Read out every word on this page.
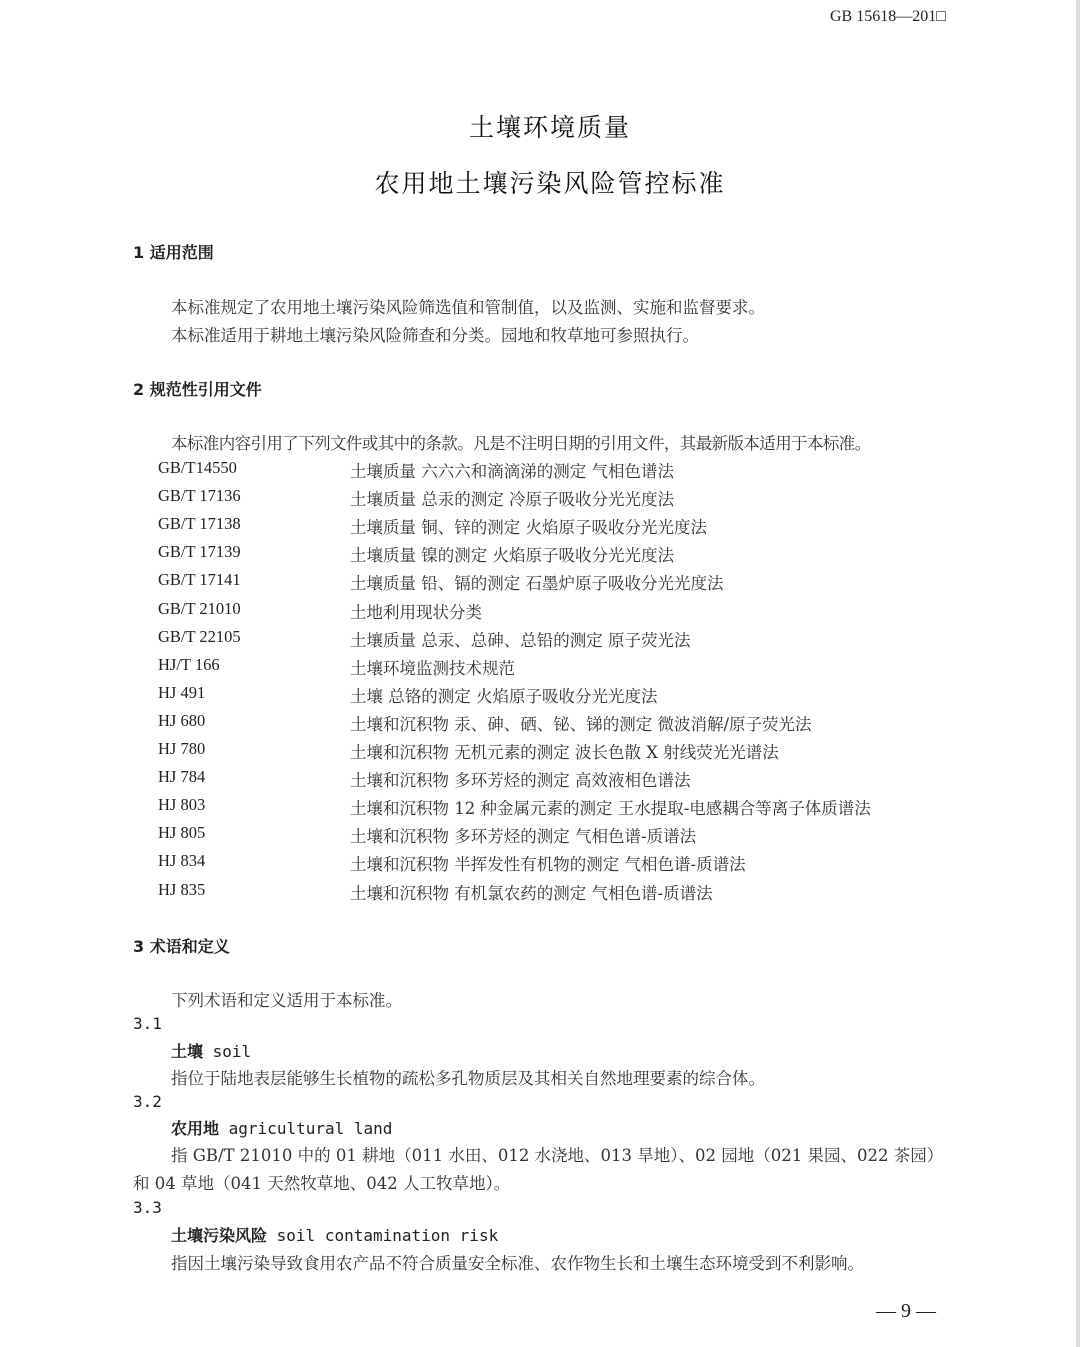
GB 15618—201□
土壤环境质量
农用地土壤污染风险管控标准
1 适用范围
本标准规定了农用地土壤污染风险筛选值和管制值，以及监测、实施和监督要求。
本标准适用于耕地土壤污染风险筛查和分类。园地和牧草地可参照执行。
2 规范性引用文件
本标准内容引用了下列文件或其中的条款。凡是不注明日期的引用文件，其最新版本适用于本标准。
GB/T14550	土壤质量 六六六和滴滴涕的测定 气相色谱法
GB/T 17136	土壤质量 总汞的测定 冷原子吸收分光光度法
GB/T 17138	土壤质量 铜、锌的测定 火焰原子吸收分光光度法
GB/T 17139	土壤质量 镍的测定 火焰原子吸收分光光度法
GB/T 17141	土壤质量 铅、镉的测定 石墨炉原子吸收分光光度法
GB/T 21010	土地利用现状分类
GB/T 22105	土壤质量 总汞、总砷、总铅的测定 原子荧光法
HJ/T 166	土壤环境监测技术规范
HJ 491	土壤 总铬的测定 火焰原子吸收分光光度法
HJ 680	土壤和沉积物 汞、砷、硒、铋、锑的测定 微波消解/原子荧光法
HJ 780	土壤和沉积物 无机元素的测定 波长色散 X 射线荧光光谱法
HJ 784	土壤和沉积物 多环芳烃的测定 高效液相色谱法
HJ 803	土壤和沉积物 12 种金属元素的测定 王水提取-电感耦合等离子体质谱法
HJ 805	土壤和沉积物 多环芳烃的测定 气相色谱-质谱法
HJ 834	土壤和沉积物 半挥发性有机物的测定 气相色谱-质谱法
HJ 835	土壤和沉积物 有机氯农药的测定 气相色谱-质谱法
3 术语和定义
下列术语和定义适用于本标准。
3.1
土壤 soil
指位于陆地表层能够生长植物的疏松多孔物质层及其相关自然地理要素的综合体。
3.2
农用地 agricultural land
指 GB/T 21010 中的 01 耕地（011 水田、012 水浇地、013 旱地）、02 园地（021 果园、022 茶园）
和 04 草地（041 天然牧草地、042 人工牧草地）。
3.3
土壤污染风险 soil contamination risk
指因土壤污染导致食用农产品不符合质量安全标准、农作物生长和土壤生态环境受到不利影响。
— 9 —
